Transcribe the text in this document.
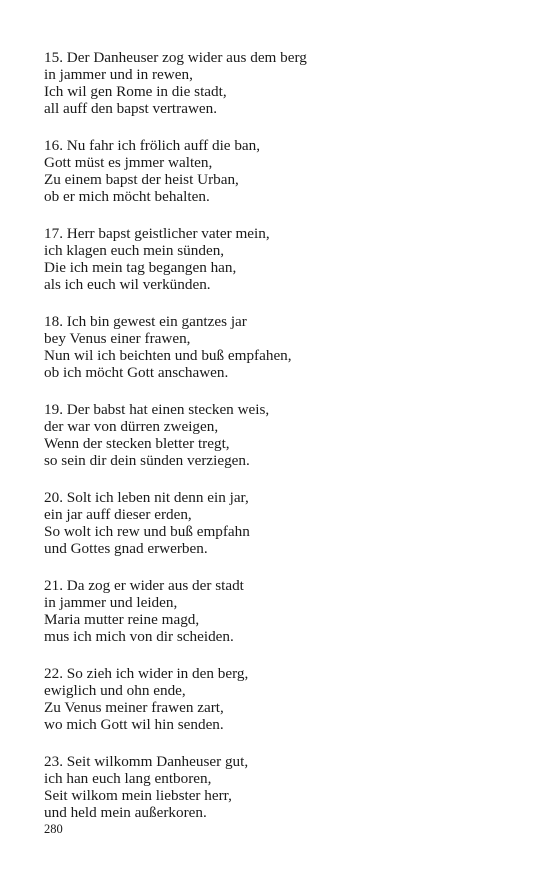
15. Der Danheuser zog wider aus dem berg
in jammer und in rewen,
Ich wil gen Rome in die stadt,
all auff den bapst vertrawen.
16. Nu fahr ich frölich auff die ban,
Gott müst es jmmer walten,
Zu einem bapst der heist Urban,
ob er mich möcht behalten.
17. Herr bapst geistlicher vater mein,
ich klagen euch mein sünden,
Die ich mein tag begangen han,
als ich euch wil verkünden.
18. Ich bin gewest ein gantzes jar
bey Venus einer frawen,
Nun wil ich beichten und buß empfahen,
ob ich möcht Gott anschawen.
19. Der babst hat einen stecken weis,
der war von dürren zweigen,
Wenn der stecken bletter tregt,
so sein dir dein sünden verziegen.
20. Solt ich leben nit denn ein jar,
ein jar auff dieser erden,
So wolt ich rew und buß empfahn
und Gottes gnad erwerben.
21. Da zog er wider aus der stadt
in jammer und leiden,
Maria mutter reine magd,
mus ich mich von dir scheiden.
22. So zieh ich wider in den berg,
ewiglich und ohn ende,
Zu Venus meiner frawen zart,
wo mich Gott wil hin senden.
23. Seit wilkomm Danheuser gut,
ich han euch lang entboren,
Seit wilkom mein liebster herr,
und held mein außerkoren.
280
